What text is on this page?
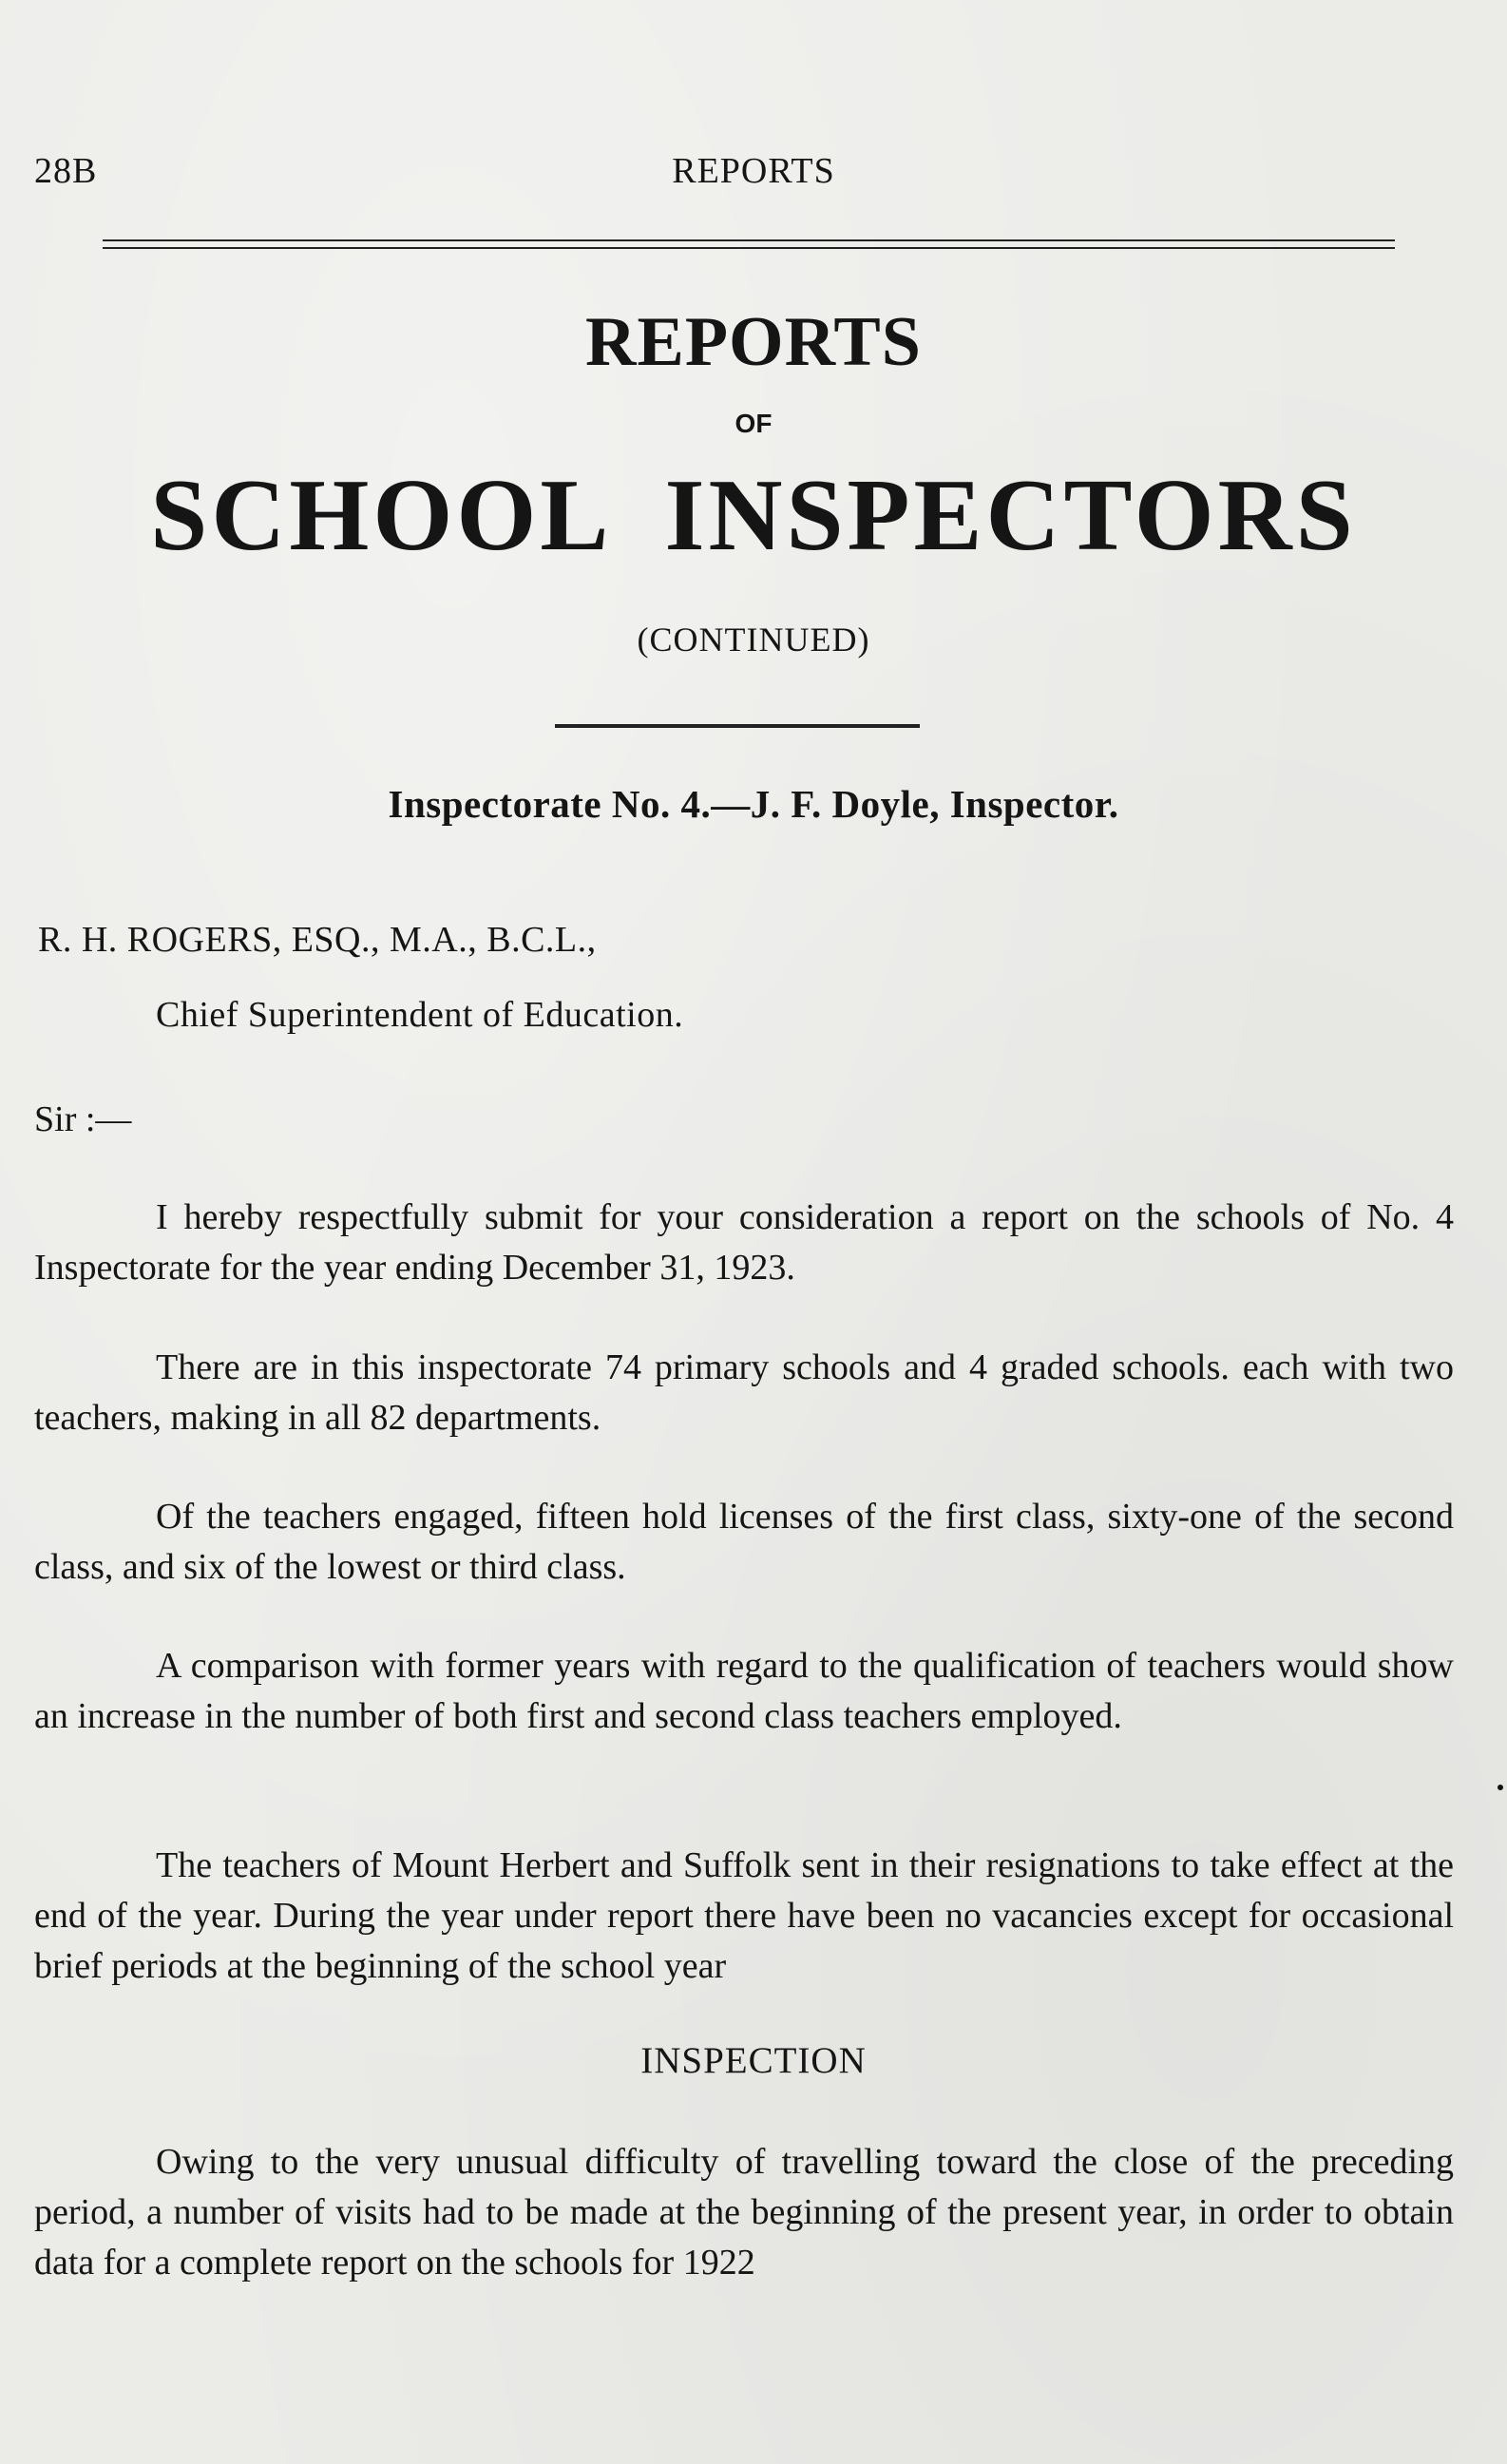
28B	REPORTS
REPORTS
OF
SCHOOL INSPECTORS
(CONTINUED)
Inspectorate No. 4.—J. F. Doyle, Inspector.
R. H. ROGERS, ESQ., M.A., B.C.L.,
Chief Superintendent of Education.
Sir :—

I hereby respectfully submit for your consideration a report on the schools of No. 4 Inspectorate for the year ending December 31, 1923.

There are in this inspectorate 74 primary schools and 4 graded schools. each with two teachers, making in all 82 departments.

Of the teachers engaged, fifteen hold licenses of the first class, sixty-one of the second class, and six of the lowest or third class.

A comparison with former years with regard to the qualification of teachers would show an increase in the number of both first and second class teachers employed.

The teachers of Mount Herbert and Suffolk sent in their resignations to take effect at the end of the year. During the year under report there have been no vacancies except for occasional brief periods at the beginning of the school year

INSPECTION

Owing to the very unusual difficulty of travelling toward the close of the preceding period, a number of visits had to be made at the beginning of the present year, in order to obtain data for a complete report on the schools for 1922
